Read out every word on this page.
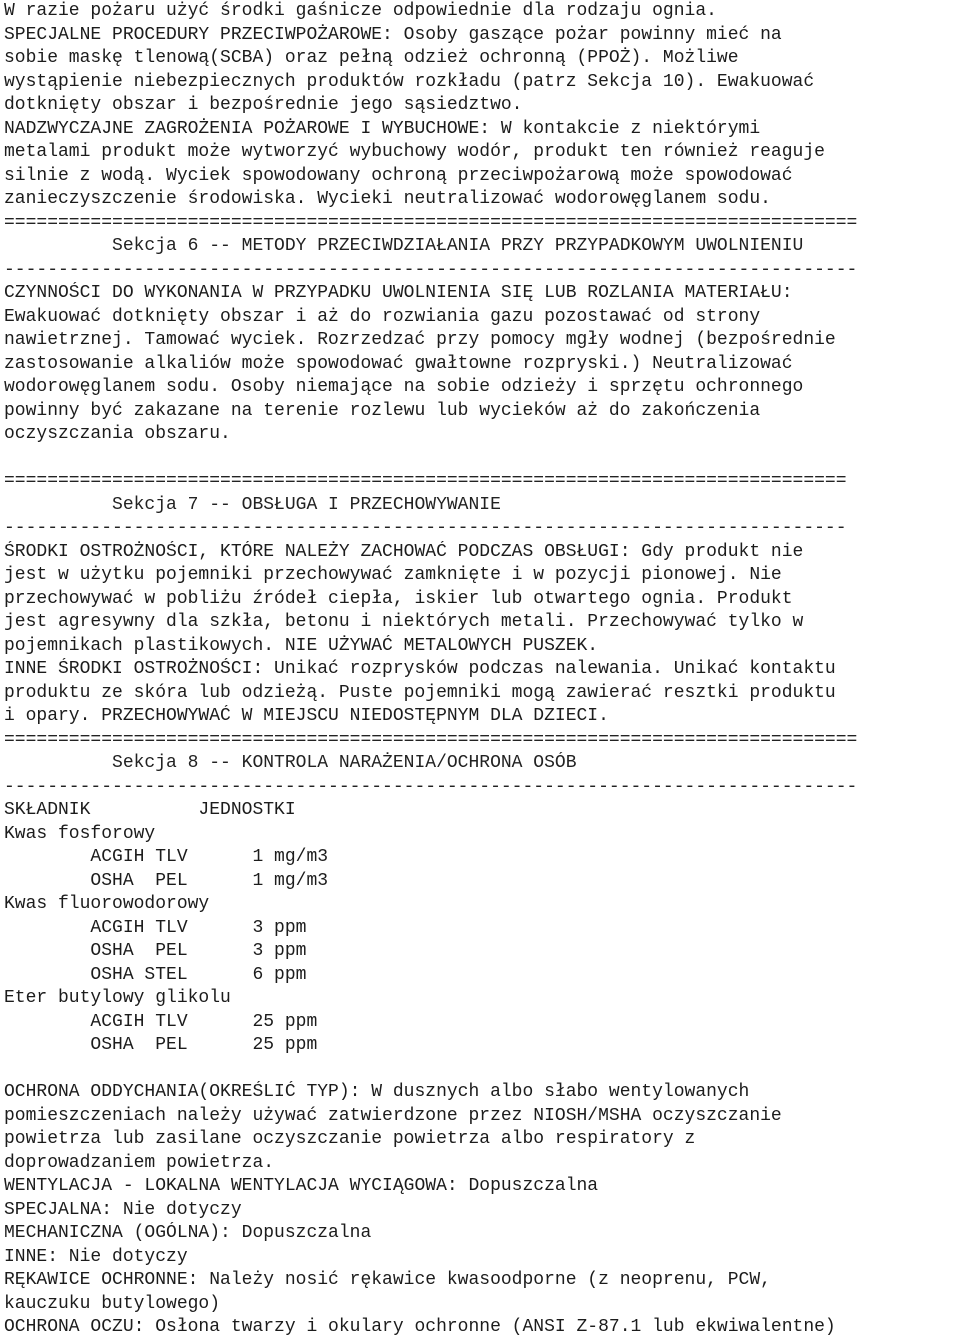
W razie pożaru użyć środki gaśnicze odpowiednie dla rodzaju ognia.
SPECJALNE PROCEDURY PRZECIWPOŻAROWE: Osoby gaszące pożar powinny mieć na
sobie maskę tlenową(SCBA) oraz pełną odzież ochronną (PPOŻ). Możliwe
wystąpienie niebezpiecznych produktów rozkładu (patrz Sekcja 10). Ewakuować
dotknięty obszar i bezpośrednie jego sąsiedztwo.
NADZWYCZAJNE ZAGROŻENIA POŻAROWE I WYBUCHOWE: W kontakcie z niektórymi
metalami produkt może wytworzyć wybuchowy wodór, produkt ten również reaguje
silnie z wodą. Wyciek spowodowany ochroną przeciwpożarową może spowodować
zanieczyszczenie środowiska. Wycieki neutralizować wodorowęglanem sodu.
===============================================================================
Sekcja 6 -- METODY PRZECIWDZIAŁANIA PRZY PRZYPADKOWYM UWOLNIENIU
-------------------------------------------------------------------------------
CZYNNOŚCI DO WYKONANIA W PRZYPADKU UWOLNIENIA SIĘ LUB ROZLANIA MATERIAŁU:
Ewakuować dotknięty obszar i aż do rozwiania gazu pozostawać od strony
nawietrznej. Tamować wyciek. Rozrzedzać przy pomocy mgły wodnej (bezpośrednie
zastosowanie alkaliów może spowodować gwałtowne rozpryski.) Neutralizować
wodorowęglanem sodu. Osoby niemające na sobie odzieży i sprzętu ochronnego
powinny być zakazane na terenie rozlewu lub wycieków aż do zakończenia
oczyszczania obszaru.
==============================================================================
Sekcja 7 -- OBSŁUGA I PRZECHOWYWANIE
------------------------------------------------------------------------------
ŚRODKI OSTROŻNOŚCI, KTÓRE NALEŻY ZACHOWAĆ PODCZAS OBSŁUGI: Gdy produkt nie
jest w użytku pojemniki przechowywać zamknięte i w pozycji pionowej. Nie
przechowywać w pobliżu źródeł ciepła, iskier lub otwartego ognia. Produkt
jest agresywny dla szkła, betonu i niektórych metali. Przechowywać tylko w
pojemnikach plastikowych. NIE UŻYWAĆ METALOWYCH PUSZEK.
INNE ŚRODKI OSTROŻNOŚCI: Unikać rozprysków podczas nalewania. Unikać kontaktu
produktu ze skóra lub odzieżą. Puste pojemniki mogą zawierać resztki produktu
i opary. PRZECHOWYWAĆ W MIEJSCU NIEDOSTĘPNYM DLA DZIECI.
===============================================================================
Sekcja 8 -- KONTROLA NARAŻENIA/OCHRONA OSÓB
-------------------------------------------------------------------------------
SKŁADNIK          JEDNOSTKI
Kwas fosforowy
ACGIH TLV      1 mg/m3
OSHA  PEL      1 mg/m3
Kwas fluorowodorowy
ACGIH TLV      3 ppm
OSHA  PEL      3 ppm
OSHA STEL      6 ppm
Eter butylowy glikolu
ACGIH TLV      25 ppm
OSHA  PEL      25 ppm
OCHRONA ODDYCHANIA(OKREŚLIĆ TYP): W dusznych albo słabo wentylowanych
pomieszczeniach należy używać zatwierdzone przez NIOSH/MSHA oczyszczanie
powietrza lub zasilane oczyszczanie powietrza albo respiratory z
doprowadzaniem powietrza.
WENTYLACJA - LOKALNA WENTYLACJA WYCIĄGOWA: Dopuszczalna
SPECJALNA: Nie dotyczy
MECHANICZNA (OGÓLNA): Dopuszczalna
INNE: Nie dotyczy
RĘKAWICE OCHRONNE: Należy nosić rękawice kwasoodporne (z neoprenu, PCW,
kauczuku butylowego)
OCHRONA OCZU: Osłona twarzy i okulary ochronne (ANSI Z-87.1 lub ekwiwalentne)
